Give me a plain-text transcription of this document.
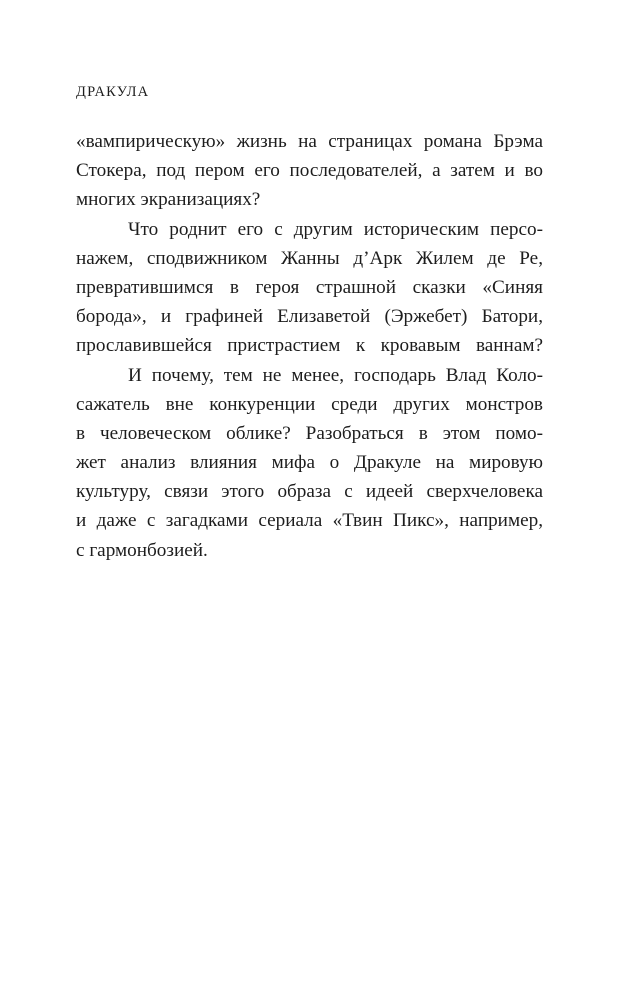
ДРАКУЛА
«вампирическую» жизнь на страницах романа Брэма
Стокера, под пером его последователей, а затем и во
многих экранизациях?
Что роднит его с другим историческим персо-
нажем, сподвижником Жанны д’Арк Жилем де Ре,
превратившимся в героя страшной сказки «Синяя
борода», и графиней Елизаветой (Эржебет) Батори,
прославившейся пристрастием к кровавым ваннам?
И почему, тем не менее, господарь Влад Коло-
сажатель вне конкуренции среди других монстров
в человеческом облике? Разобраться в этом помо-
жет анализ влияния мифа о Дракуле на мировую
культуру, связи этого образа с идеей сверхчеловека
и даже с загадками сериала «Твин Пикс», например,
с гармонбозией.
